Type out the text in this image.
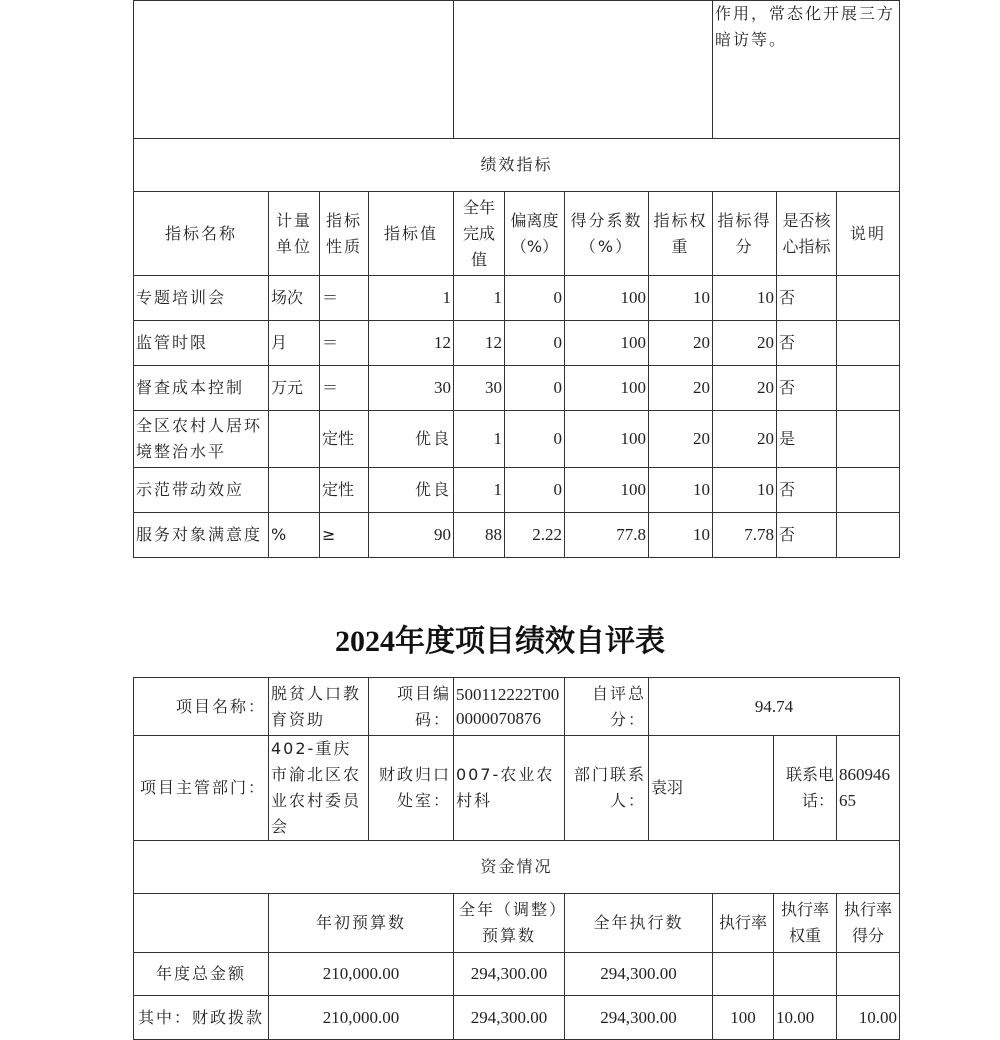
								作用，常态化开展三方暗访等。		
绩效指标										
指标名称	计量单位	指标性质	指标值	全年完成值	偏离度（%）	得分系数（%）	指标权重	指标得分	是否核心指标	说明
专题培训会	场次	＝	1	1	0	100	10	10	否	
监管时限	月	＝	12	12	0	100	20	20	否	
督查成本控制	万元	＝	30	30	0	100	20	20	否	
全区农村人居环境整治水平		定性	优良	1	0	100	20	20	是	
示范带动效应		定性	优良	1	0	100	10	10	否	
服务对象满意度	%	≥	90	88	2.22	77.8	10	7.78	否	
2024年度项目绩效自评表
项目名称：	脱贫人口教育资助	项目编码：	500112222T000000070876	自评总分：	94.74			
项目主管部门：	402-重庆市渝北区农业农村委员会	财政归口处室：	007-农业农村科	部门联系人：	袁羽		联系电话：	86094665
资金情况								
	年初预算数		全年（调整）预算数	全年执行数		执行率	执行率权重	执行率得分
年度总金额	210,000.00		294,300.00	294,300.00				
其中：财政拨款	210,000.00		294,300.00	294,300.00		100	10.00	10.00
